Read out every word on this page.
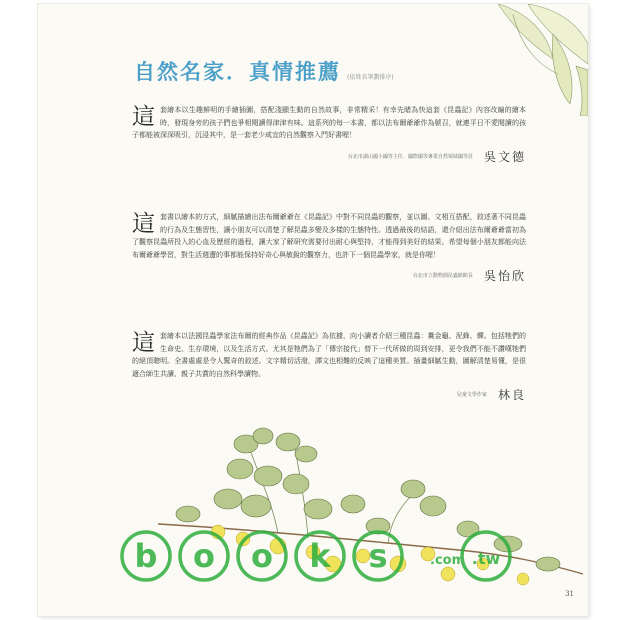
自然名家．真情推薦 (依姓名筆劃排序)
這 套繪本以生趣鮮明的手繪插圖，搭配淺顯生動的自然故事，非常精采！有幸先睹為快這套《昆蟲記》內容改編的繪本時，發現身旁的孩子們也爭相閱讀得津津有味。這系列的每一本書，都以法布爾爺爺作為號召，就連平日不愛閱讀的孩子都能被深深吸引，沉浸其中，是一套老少咸宜的自然觀察入門好書喔！
台北市湖山國小國等主任．國際國等專業自然領域國等員 吳文德
這 套書以繪本的方式，細膩描繪出法布爾爺爺在《昆蟲記》中對不同昆蟲的觀察，並以圖、文相互搭配，敘述著不同昆蟲的行為及生態習性，讓小朋友可以清楚了解昆蟲多變及多樣的生態特性。透過最後的結語，還介紹出法布爾爺爺當初為了觀察昆蟲所投入的心血及歷經的過程，讓大家了解研究需要付出耐心與堅持，才能得到美好的結果。希望每個小朋友都能向法布爾爺爺學習，對生活週遭的事都能保持好奇心與敏銳的觀察力，也許下一個昆蟲學家，就是你喔！
台北市立動物園昆蟲館館長 吳怡欣
這 套繪本以法國昆蟲學家法布爾的經典作品《昆蟲記》為依據，向小讀者介紹三種昆蟲：糞金龜、泥蜂、蟬。包括牠們的生命史、生存環境，以及生活方式。尤其是牠們為了「傳宗接代」替下一代所做的周到安排，更令我們不能不讚嘆牠們的絕頂聰明。全書處處是令人驚奇的敘述。文字精切活潑，譯文也相難的反映了這種美質。插畫細膩生動，圖解清楚易懂，是很適合師生共讀、親子共賞的自然科學讀物。
兒童文學作家 林良
b o o k s	.com .tw
31
